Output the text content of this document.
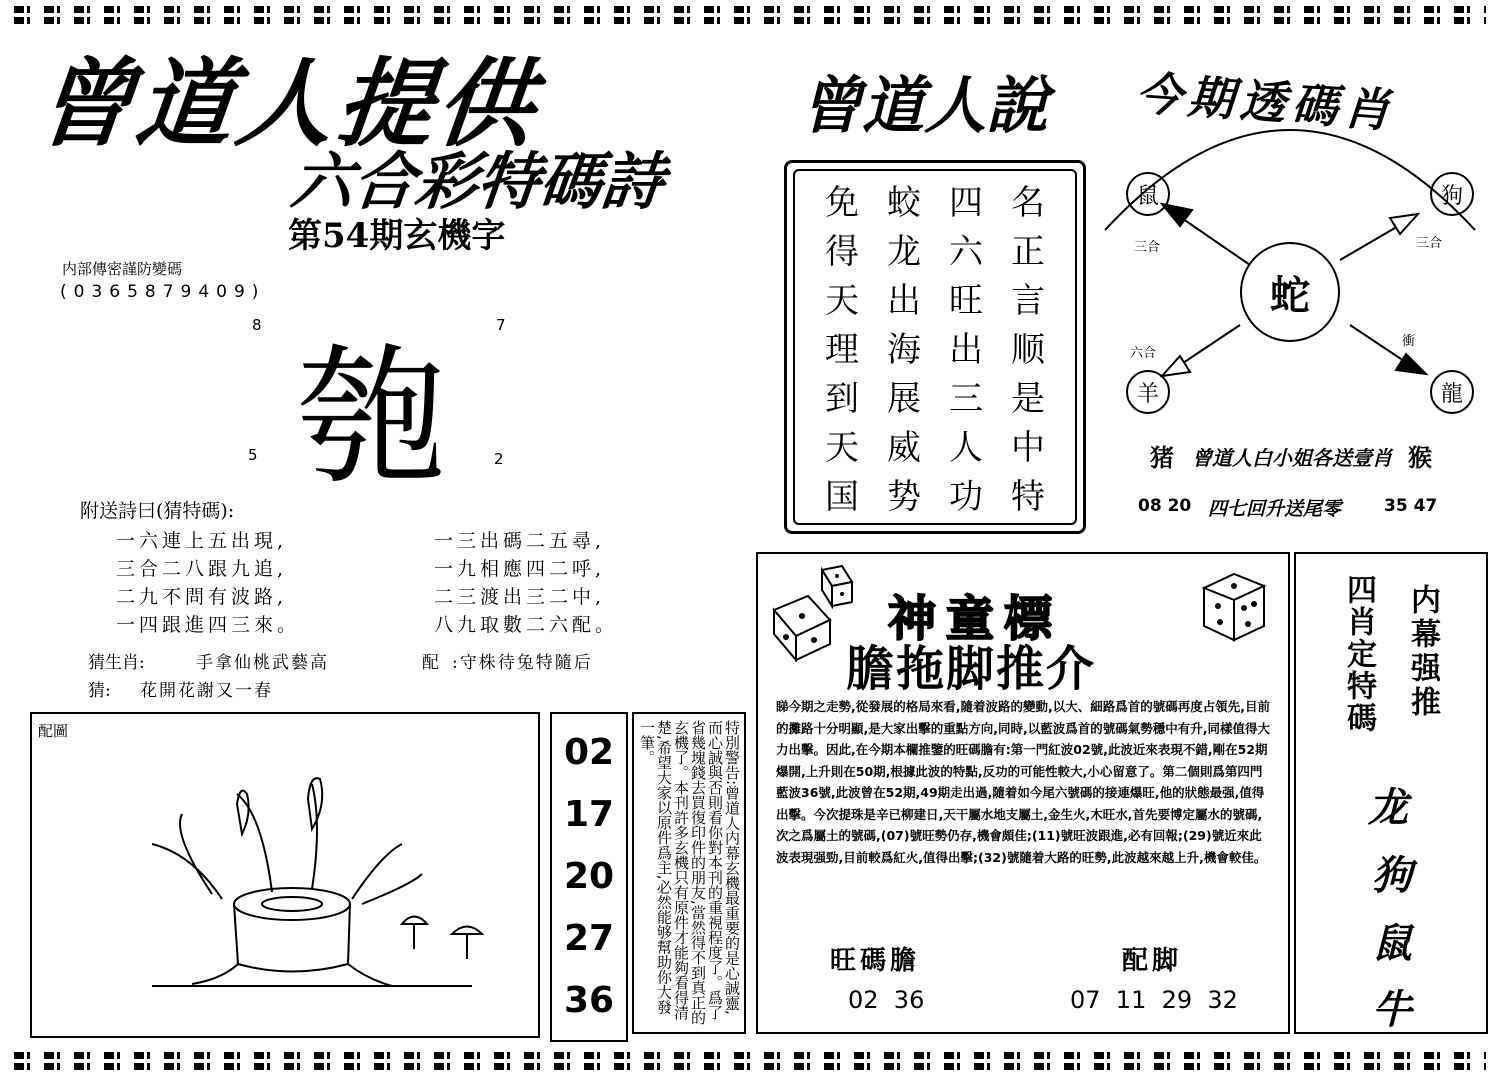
曾道人提供
六合彩特碼詩
第54期玄機字
内部傳密謹防變碼
(0365879409)
8	7
匏
5	2
附送詩曰(猜特碼):
一六連上五出現,
三合二八跟九追,
二九不問有波路,
一四跟進四三來。
一三出碼二五尋,
一九相應四二呼,
二三渡出三二中,
八九取數二六配。
猜生肖:	手拿仙桃武藝高	配 :守株待兔特隨后
猜: 花開花謝又一春
配圖
02
17
20
27
36	特別警告:曾道人内幕玄機最重要的是心誠靈,而心誠與否則看你對本刊的重視程度了。爲了省幾塊錢去買復印件的朋友,當然得不到真正的玄機了。本刊許多玄機只有原件才能夠看得清楚,希望大家以原件爲主,必然能够幫助你大發一筆。
曾道人說
免 蛟 四 名
得 龙 六 正
天 出 旺 言
理 海 出 顺
到 展 三 是
天 威 人 中
国 势 功 特
今期透碼肖
蛇
鼠	狗
羊	龍
三合	三合
六合
衝
猪 曾道人白小姐各送壹肖 猴
08 20 四七回升送尾零	35 47
神童標
膽拖脚推介
睇今期之走勢,從發展的格局來看,隨着波路的變動,以大、細路爲首的號碼再度占領先,目前的攤路十分明顯,是大家出擊的重點方向,同時,以藍波爲首的號碼氣勢穩中有升,同樣值得大力出擊。因此,在今期本欄推鑒的旺碼膽有:第一門紅波02號,此波近來表現不錯,剛在52期爆開,上升則在50期,根據此波的特點,反功的可能性較大,小心留意了。第二個則爲第四門藍波36號,此波曾在52期,49期走出過,隨着如今尾六號碼的接連爆旺,他的狀態最强,值得出擊。今次提珠是辛已柳建日,天干屬水地支屬土,金生火,木旺水,首先要博定屬水的號碼,次之爲屬土的號碼,(07)號旺勢仍存,機會頗佳;(11)號旺波跟進,必有回報;(29)號近來此波表現强勁,目前較爲紅火,值得出擊;(32)號隨着大路的旺勢,此波越來越上升,機會較佳。
旺碼膽
02  36
配脚
07  11  29  32
内幕强推
四肖定特碼
龙
狗
鼠
牛
